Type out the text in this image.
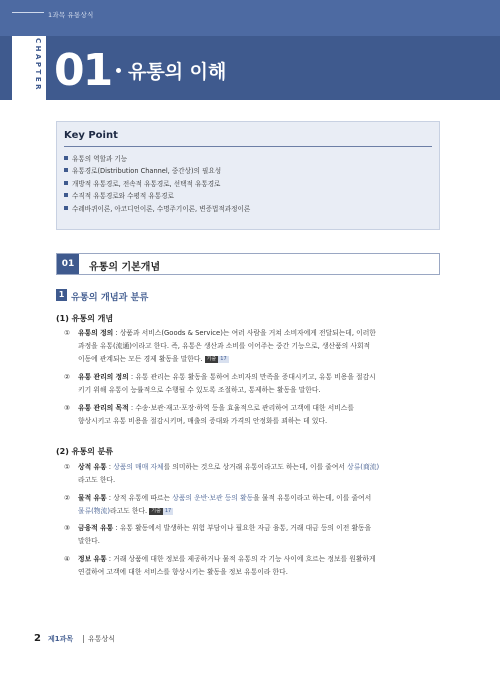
1과목 유통상식
CHAPTER 01 유통의 이해
Key Point
유통의 역할과 기능
유통경로(Distribution Channel, 중간상)의 필요성
개방적 유통경로, 전속적 유통경로, 선택적 유통경로
수직적 유통경로와 수평적 유통경로
수레바퀴이론, 아코디언이론, 수명주기이론, 변증법적과정이론
01	유통의 기본개념
1 유통의 개념과 분류
(1) 유통의 개념
① 유통의 정의 : 상품과 서비스(Goods & Service)는 여러 사람을 거쳐 소비자에게 전달되는데, 이러한
과정을 유통(流通)이라고 한다. 즉, 유통은 생산과 소비를 이어주는 중간 기능으로, 생산품의 사회적
이동에 관계되는 모든 경제 활동을 말한다. 기출 17
② 유통 관리의 정의 : 유통 관리는 유통 활동을 통하여 소비자의 만족을 증대시키고, 유통 비용을 절감시
키기 위해 유통이 능률적으로 수행될 수 있도록 조절하고, 통제하는 활동을 말한다.
③ 유통 관리의 목적 : 수송·보관·재고·포장·하역 등을 효율적으로 관리하여 고객에 대한 서비스를
향상시키고 유통 비용을 절감시키며, 매출의 증대와 가격의 안정화를 꾀하는 데 있다.
(2) 유통의 분류
① 상적 유통 : 상품의 매매 자체를 의미하는 것으로 상거래 유통이라고도 하는데, 이를 줄여서 상류(商流)
라고도 한다.
② 물적 유통 : 상적 유통에 따르는 상품의 운반·보관 등의 활동을 물적 유통이라고 하는데, 이를 줄여서
물류(物流)라고도 한다. 기출 17
③ 금융적 유통 : 유통 활동에서 발생하는 위험 부담이나 필요한 자금 융통, 거래 대금 등의 이전 활동을
말한다.
④ 정보 유통 : 거래 상품에 대한 정보를 제공하거나 물적 유통의 각 기능 사이에 흐르는 정보를 원활하게
연결하여 고객에 대한 서비스를 향상시키는 활동을 정보 유통이라 한다.
2 제1과목 유통상식
